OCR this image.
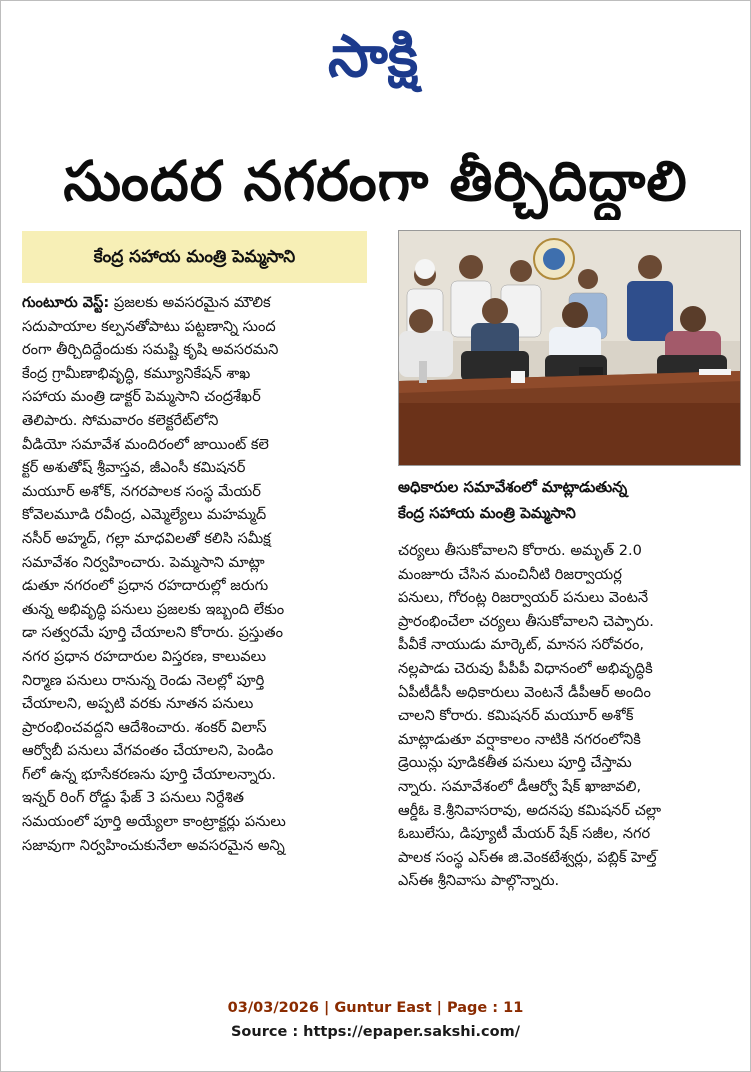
సాక్షి
సుందర నగరంగా తీర్చిదిద్దాలి
కేంద్ర సహాయ మంత్రి పెమ్మసాని
గుంటూరు వెస్ట్‌: ప్రజలకు అవసరమైన మౌలిక
సదుపాయాల కల్పనతోపాటు పట్టణాన్ని సుంద
రంగా తీర్చిదిద్దేందుకు సమష్టి కృషి అవసరమని
కేంద్ర గ్రామీణాభివృద్ధి, కమ్యూనికేషన్‌ శాఖ
సహాయ మంత్రి డాక్టర్‌ పెమ్మసాని చంద్రశేఖర్‌
తెలిపారు. సోమవారం కలెక్టరేట్‌లోని
వీడియో సమావేశ మందిరంలో జాయింట్‌ కలె
క్టర్‌ అశుతోష్‌ శ్రీవాస్తవ, జీఎంసీ కమిషనర్‌
మయూర్‌ అశోక్‌, నగరపాలక సంస్థ మేయర్‌
కోవెలమూడి రవీంద్ర, ఎమ్మెల్యేలు మహమ్మద్‌
నసీర్‌ అహ్మద్‌, గల్లా మాధవిలతో కలిసి సమీక్ష
సమావేశం నిర్వహించారు. పెమ్మసాని మాట్లా
డుతూ నగరంలో ప్రధాన రహదారుల్లో జరుగు
తున్న అభివృద్ధి పనులు ప్రజలకు ఇబ్బంది లేకుం
డా సత్వరమే పూర్తి చేయాలని కోరారు. ప్రస్తుతం
నగర ప్రధాన రహదారుల విస్తరణ, కాలువలు
నిర్మాణ పనులు రానున్న రెండు నెలల్లో పూర్తి
చేయాలని, అప్పటి వరకు నూతన పనులు
ప్రారంభించవద్దని ఆదేశించారు. శంకర్‌ విలాస్‌
ఆర్వోబీ పనులు వేగవంతం చేయాలని, పెండిం
గ్‌లో ఉన్న భూసేకరణను పూర్తి చేయాలన్నారు.
ఇన్నర్‌ రింగ్‌ రోడ్డు ఫేజ్‌ 3 పనులు నిర్దేశిత
సమయంలో పూర్తి అయ్యేలా కాంట్రాక్టర్లు పనులు
సజావుగా నిర్వహించుకునేలా అవసరమైన అన్ని
అధికారుల సమావేశంలో మాట్లాడుతున్న
కేంద్ర సహాయ మంత్రి పెమ్మసాని
చర్యలు తీసుకోవాలని కోరారు. అమృత్‌ 2.0
మంజూరు చేసిన మంచినీటి రిజర్వాయర్ల
పనులు, గోరంట్ల రిజర్వాయర్‌ పనులు వెంటనే
ప్రారంభించేలా చర్యలు తీసుకోవాలని చెప్పారు.
పీవీకే నాయుడు మార్కెట్‌, మానస సరోవరం,
నల్లపాడు చెరువు పీపీపీ విధానంలో అభివృద్ధికి
ఏపీటీడీసీ అధికారులు వెంటనే డీపీఆర్‌ అందిం
చాలని కోరారు. కమిషనర్‌ మయూర్‌ అశోక్‌
మాట్లాడుతూ వర్షాకాలం నాటికి నగరంలోనికి
డ్రెయిన్లు పూడికతీత పనులు పూర్తి చేస్తామ
న్నారు. సమావేశంలో డీఆర్వో షేక్‌ ఖాజావలి,
ఆర్డీఓ కె.శ్రీనివాసరావు, అదనపు కమిషనర్‌ చల్లా
ఓబులేసు, డిప్యూటీ మేయర్‌ షేక్‌ సజీల, నగర
పాలక సంస్థ ఎస్‌ఈ జి.వెంకటేశ్వర్లు, పబ్లిక్‌ హెల్త్‌
ఎస్‌ఈ శ్రీనివాసు పాల్గొన్నారు.
03/03/2026 | Guntur East | Page : 11
Source : https://epaper.sakshi.com/
